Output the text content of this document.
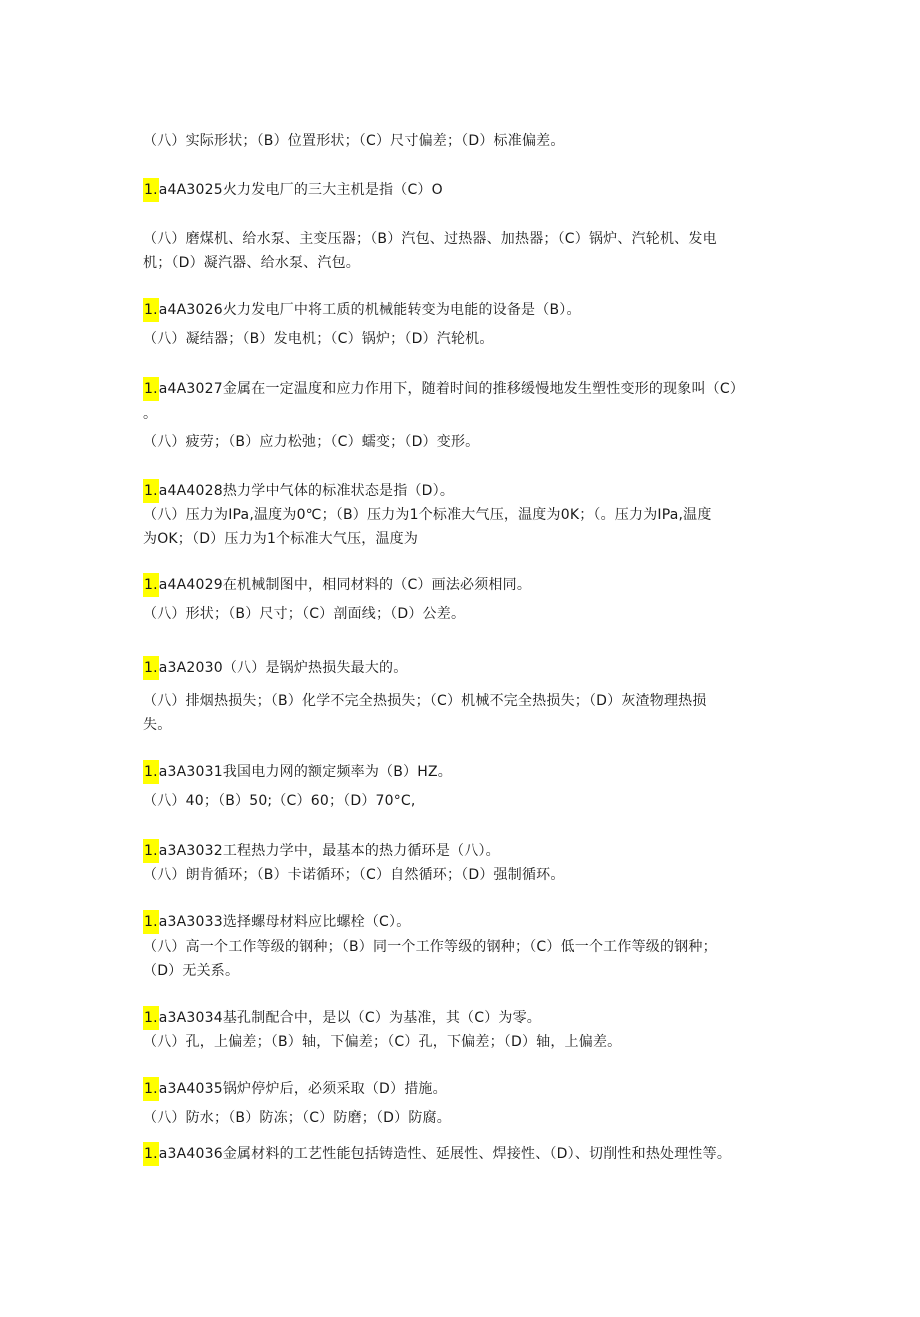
（八）实际形状；（B）位置形状；（C）尺寸偏差；（D）标准偏差。
1.a4A3025火力发电厂的三大主机是指（C）O
（八）磨煤机、给水泵、主变压器；（B）汽包、过热器、加热器；（C）锅炉、汽轮机、发电
机；（D）凝汽器、给水泵、汽包。
1.a4A3026火力发电厂中将工质的机械能转变为电能的设备是（B）。
（八）凝结器；（B）发电机；（C）锅炉；（D）汽轮机。
1.a4A3027金属在一定温度和应力作用下，随着时间的推移缓慢地发生塑性变形的现象叫（C）
。
（八）疲劳；（B）应力松弛；（C）蠕变；（D）变形。
1.a4A4028热力学中气体的标准状态是指（D）。
（八）压力为IPa,温度为0℃；（B）压力为1个标准大气压，温度为0K；（。压力为IPa,温度
为OK；（D）压力为1个标准大气压，温度为
1.a4A4029在机械制图中，相同材料的（C）画法必须相同。
（八）形状；（B）尺寸；（C）剖面线；（D）公差。
1.a3A2030（八）是锅炉热损失最大的。
（八）排烟热损失；（B）化学不完全热损失；（C）机械不完全热损失；（D）灰渣物理热损
失。
1.a3A3031我国电力网的额定频率为（B）HZ。
（八）40；（B）50;（C）60；（D）70°C,
1.a3A3032工程热力学中，最基本的热力循环是（八）。
（八）朗肯循环；（B）卡诺循环；（C）自然循环；（D）强制循环。
1.a3A3033选择螺母材料应比螺栓（C）。
（八）高一个工作等级的钢种；（B）同一个工作等级的钢种；（C）低一个工作等级的钢种；
（D）无关系。
1.a3A3034基孔制配合中，是以（C）为基准，其（C）为零。
（八）孔，上偏差；（B）轴，下偏差；（C）孔，下偏差；（D）轴，上偏差。
1.a3A4035锅炉停炉后，必须采取（D）措施。
（八）防水；（B）防冻；（C）防磨；（D）防腐。
1.a3A4036金属材料的工艺性能包括铸造性、延展性、焊接性、（D）、切削性和热处理性等。
